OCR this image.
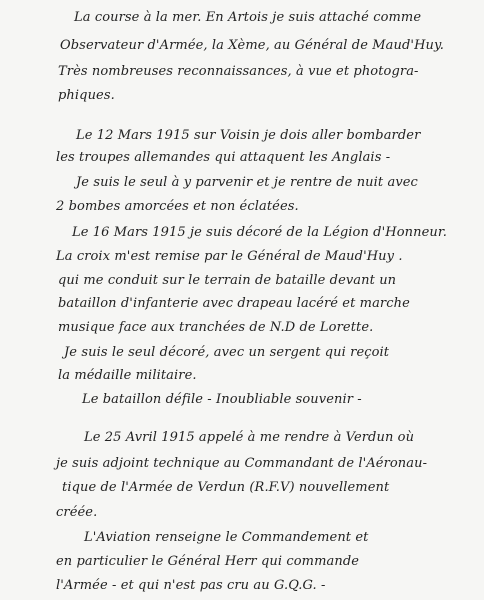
La course à la mer. En Artois je suis attaché comme
Observateur d'Armée, la Xème, au Général de Maud'Huy.
Très nombreuses reconnaissances, à vue et photogra-
phiques.
Le 12 Mars 1915 sur Voisin je dois aller bombarder
les troupes allemandes qui attaquent les Anglais -
Je suis le seul à y parvenir et je rentre de nuit avec
2 bombes amorcées et non éclatées.
Le 16 Mars 1915 je suis décoré de la Légion d'Honneur.
La croix m'est remise par le Général de Maud'Huy .
qui me conduit sur le terrain de bataille devant un
bataillon d'infanterie avec drapeau lacéré et marche
musique face aux tranchées de N.D de Lorette.
Je suis le seul décoré, avec un sergent qui reçoit
la médaille militaire.
Le bataillon défile - Inoubliable souvenir -
Le 25 Avril 1915 appelé à me rendre à Verdun où
je suis adjoint technique au Commandant de l'Aéronau-
tique de l'Armée de Verdun (R.F.V) nouvellement
créée.
L'Aviation renseigne le Commandement et
en particulier le Général Herr qui commande
l'Armée - et qui n'est pas cru au G.Q.G. -
